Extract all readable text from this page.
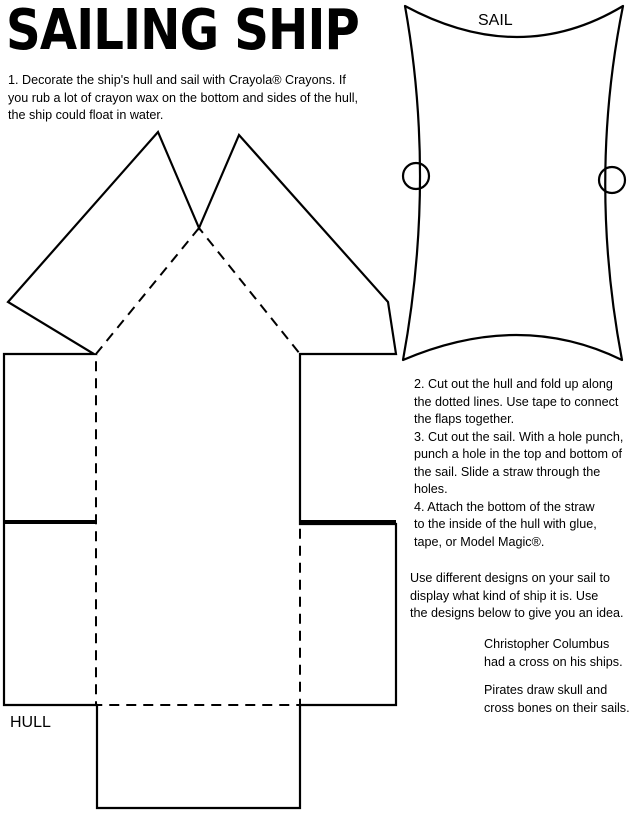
SAILING SHIP	SAIL
HULL
1. Decorate the ship's hull and sail with Crayola® Crayons. If
you rub a lot of crayon wax on the bottom and sides of the hull,
the ship could float in water.
2. Cut out the hull and fold up along
the dotted lines. Use tape to connect
the flaps together.
3. Cut out the sail. With a hole punch,
punch a hole in the top and bottom of
the sail. Slide a straw through the
holes.
4. Attach the bottom of the straw
to the inside of the hull with glue,
tape, or Model Magic®.
Use different designs on your sail to
display what kind of ship it is. Use
the designs below to give you an idea.
Christopher Columbus
had a cross on his ships.
Pirates draw skull and
cross bones on their sails.
